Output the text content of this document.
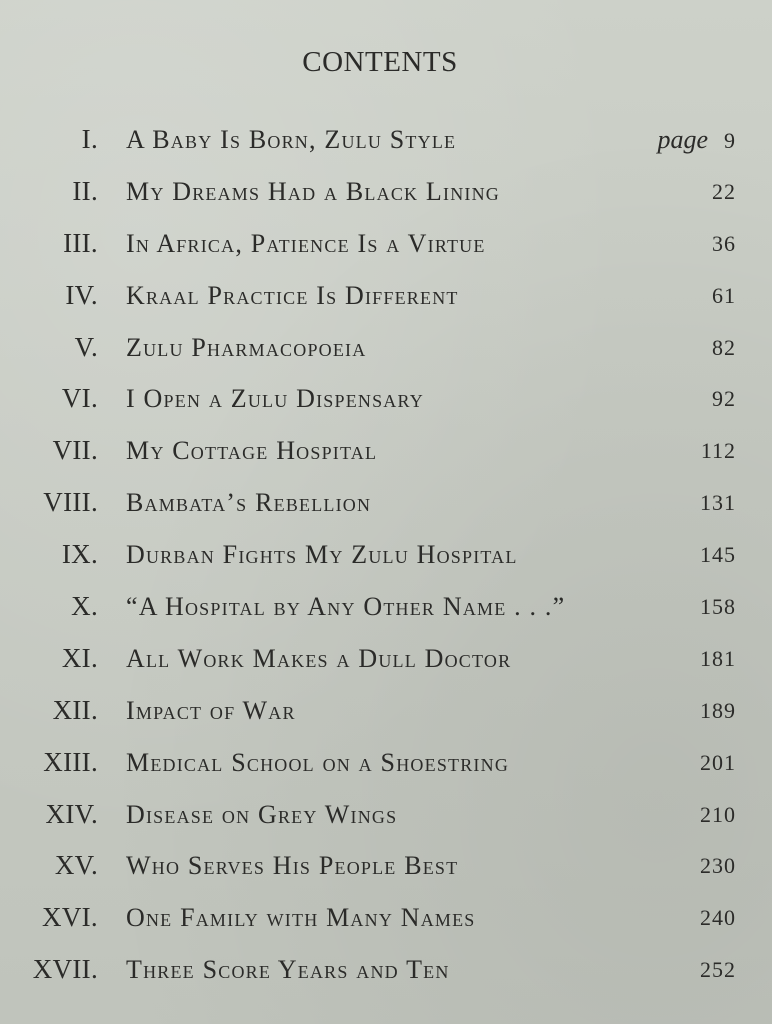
CONTENTS
I. A Baby Is Born, Zulu Style	page 9
II. My Dreams Had a Black Lining	22
III. In Africa, Patience Is a Virtue	36
IV. Kraal Practice Is Different	61
V. Zulu Pharmacopoeia	82
VI. I Open a Zulu Dispensary	92
VII. My Cottage Hospital	112
VIII. Bambata’s Rebellion	131
IX. Durban Fights My Zulu Hospital	145
X. “A Hospital by Any Other Name . . .”	158
XI. All Work Makes a Dull Doctor	181
XII. Impact of War	189
XIII. Medical School on a Shoestring	201
XIV. Disease on Grey Wings	210
XV. Who Serves His People Best	230
XVI. One Family with Many Names	240
XVII. Three Score Years and Ten	252
